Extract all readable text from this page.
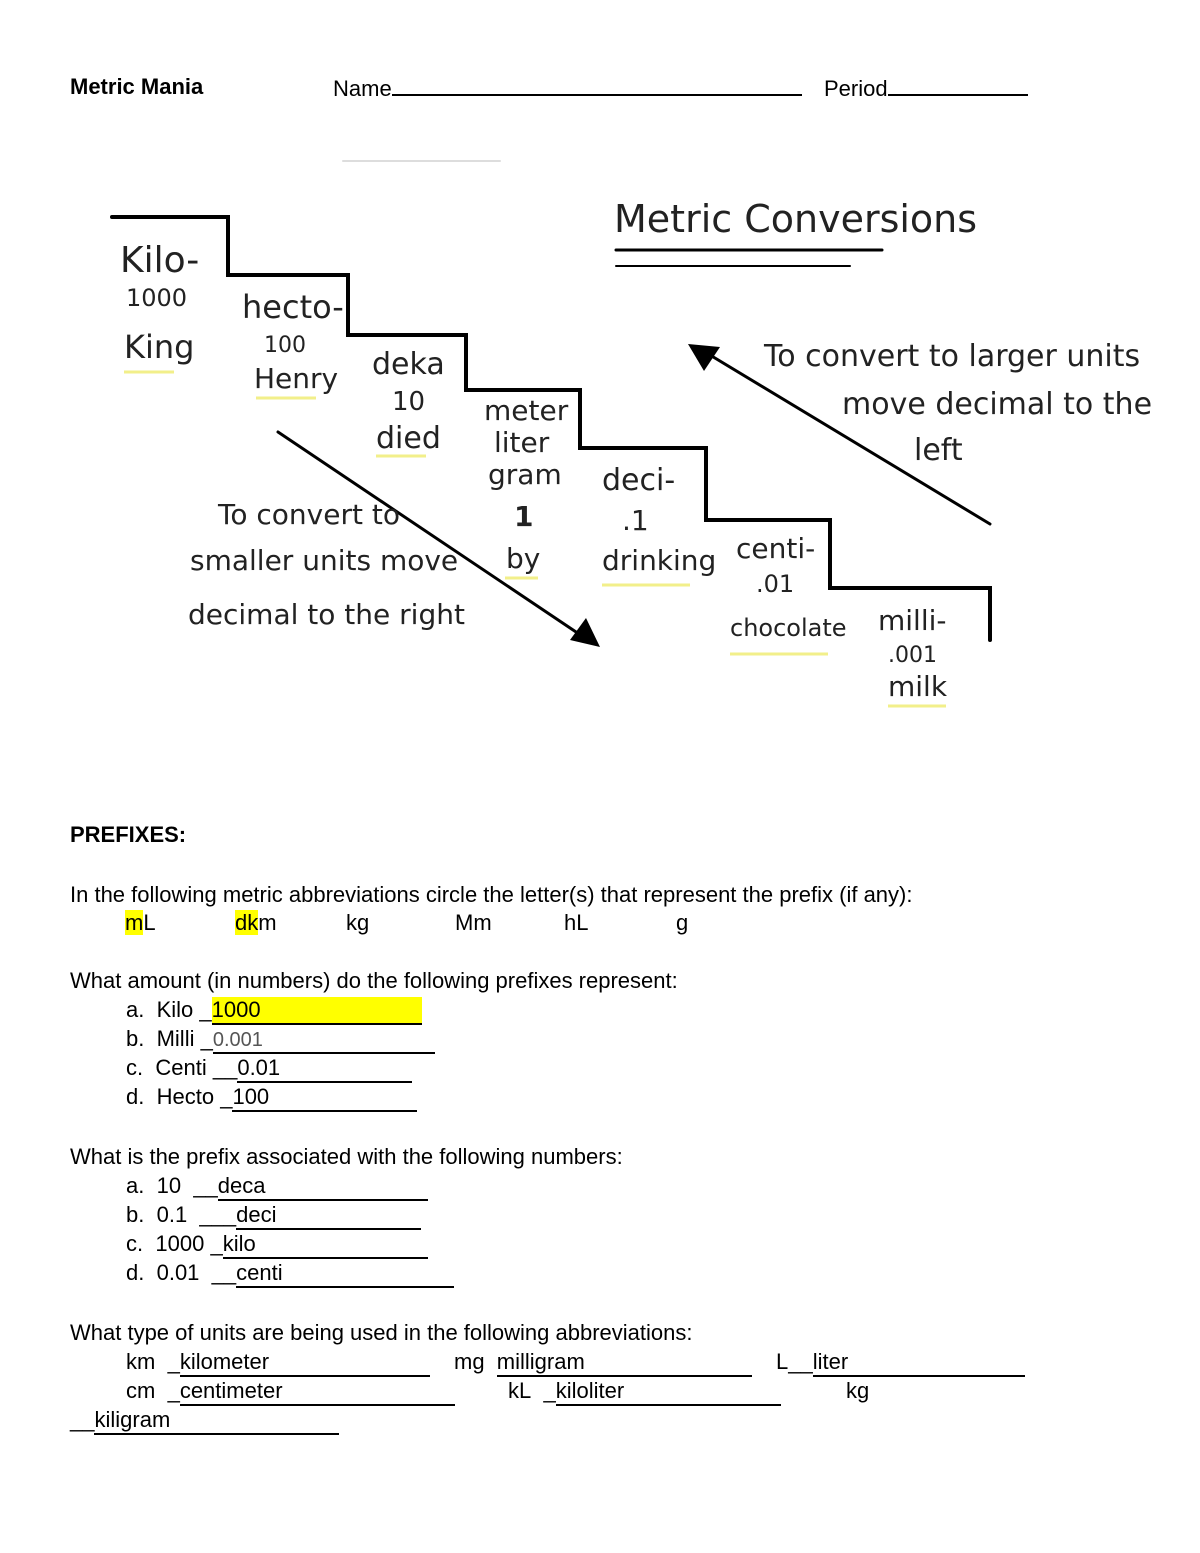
Metric Mania	Name	Period
Metric Conversions
Kilo-
1000
King
hecto-
100
Henry deka
10
died
meter
liter
gram
1
by
deci-
.1
drinking centi-
.01
chocolate milli-
.001
milk
To convert to
smaller units move
decimal to the right
To convert to larger units
move decimal to the
left
PREFIXES:
In the following metric abbreviations circle the letter(s) that represent the prefix (if any):
mL	dkm	kg	Mm	hL	g
What amount (in numbers) do the following prefixes represent:
a. Kilo _1000
b. Milli _0.001
c. Centi __0.01
d. Hecto _100
What is the prefix associated with the following numbers:
a. 10 __deca
b. 0.1 ___deci
c. 1000 _kilo
d. 0.01 __centi
What type of units are being used in the following abbreviations:
km _kilometer	mg milligram	L__liter
cm _centimeter	kL _kiloliter	kg
__kiligram
